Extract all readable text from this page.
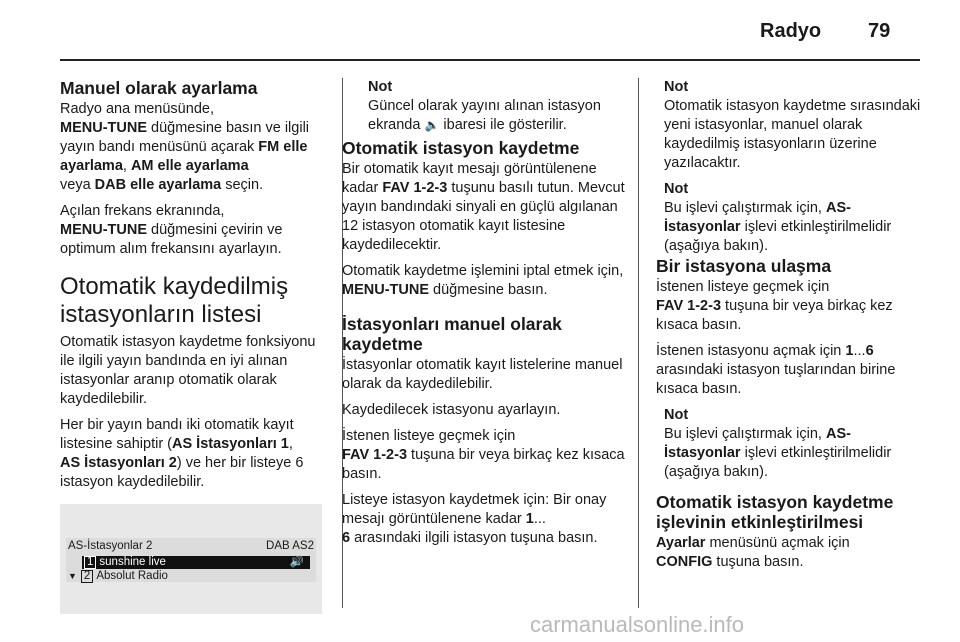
Radyo 79
Manuel olarak ayarlama

Radyo ana menüsünde,
MENU-TUNE düğmesine basın ve ilgili yayın bandı menüsünü açarak FM elle ayarlama, AM elle ayarlama
veya DAB elle ayarlama seçin.

Açılan frekans ekranında,
MENU-TUNE düğmesini çevirin ve optimum alım frekansını ayarlayın.

Otomatik kaydedilmiş istasyonların listesi

Otomatik istasyon kaydetme fonksiyonu ile ilgili yayın bandında en iyi alınan istasyonlar aranıp otomatik olarak kaydedilebilir.

Her bir yayın bandı iki otomatik kayıt listesine sahiptir (AS İstasyonları 1,
AS İstasyonları 2) ve her bir listeye 6 istasyon kaydedilebilir.

AS-İstasyonlar 2	DAB AS2
1 sunshine live	🔊
▼ 2 Absolut Radio
Not

Güncel olarak yayını alınan istasyon ekranda 🔈 ibaresi ile gösterilir.

Otomatik istasyon kaydetme

Bir otomatik kayıt mesajı görüntülenene kadar FAV 1-2-3 tuşunu basılı tutun. Mevcut yayın bandındaki sinyali en güçlü algılanan 12 istasyon otomatik kayıt listesine kaydedilecektir.

Otomatik kaydetme işlemini iptal etmek için, MENU-TUNE düğmesine basın.

İstasyonları manuel olarak kaydetme

İstasyonlar otomatik kayıt listelerine manuel olarak da kaydedilebilir.

Kaydedilecek istasyonu ayarlayın.

İstenen listeye geçmek için
FAV 1-2-3 tuşuna bir veya birkaç kez kısaca basın.

Listeye istasyon kaydetmek için: Bir onay mesajı görüntülenene kadar 1...
6 arasındaki ilgili istasyon tuşuna basın.

Not

Otomatik istasyon kaydetme sırasındaki yeni istasyonlar, manuel olarak kaydedilmiş istasyonların üzerine yazılacaktır.

Not

Bu işlevi çalıştırmak için, AS-İstasyonlar işlevi etkinleştirilmelidir (aşağıya bakın).

Bir istasyona ulaşma

İstenen listeye geçmek için
FAV 1-2-3 tuşuna bir veya birkaç kez kısaca basın.

İstenen istasyonu açmak için 1...6 arasındaki istasyon tuşlarından birine kısaca basın.

Not

Bu işlevi çalıştırmak için, AS-İstasyonlar işlevi etkinleştirilmelidir (aşağıya bakın).

Otomatik istasyon kaydetme işlevinin etkinleştirilmesi

Ayarlar menüsünü açmak için
CONFIG tuşuna basın.

carmanualsonline.info
